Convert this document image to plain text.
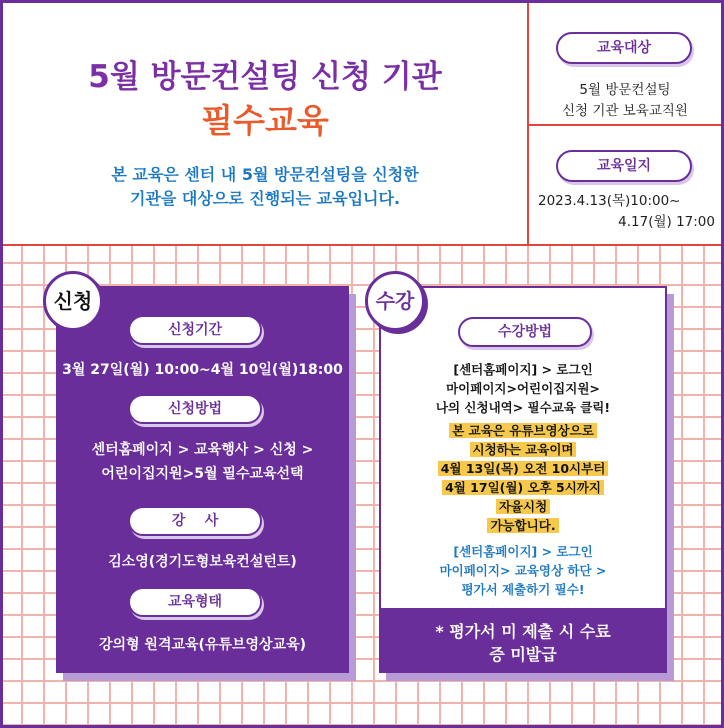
5월 방문컨설팅 신청 기관
필수교육
본 교육은 센터 내 5월 방문컨설팅을 신청한
기관을 대상으로 진행되는 교육입니다.
교육대상
5월 방문컨설팅
신청 기관 보육교직원
교육일지
2023.4.13(목)10:00~
4.17(월) 17:00
신청
신청기간
3월 27일(월) 10:00~4월 10일(월)18:00
신청방법
센터홈페이지 > 교육행사 > 신청 >
어린이집지원>5월 필수교육선택
강    사
김소영(경기도형보육컨설턴트)
교육형태
강의형 원격교육(유튜브영상교육)
수강
수강방법
[센터홈페이지] > 로그인
마이페이지>어린이집지원>
나의 신청내역> 필수교육 클릭!
본 교육은 유튜브영상으로
시청하는 교육이며
4월 13일(목) 오전 10시부터
4월 17일(월) 오후 5시까지
자율시청
가능합니다.
[센터홈페이지] > 로그인
마이페이지> 교육영상 하단 >
평가서 제출하기 필수!
* 평가서 미 제출 시 수료
증 미발급
